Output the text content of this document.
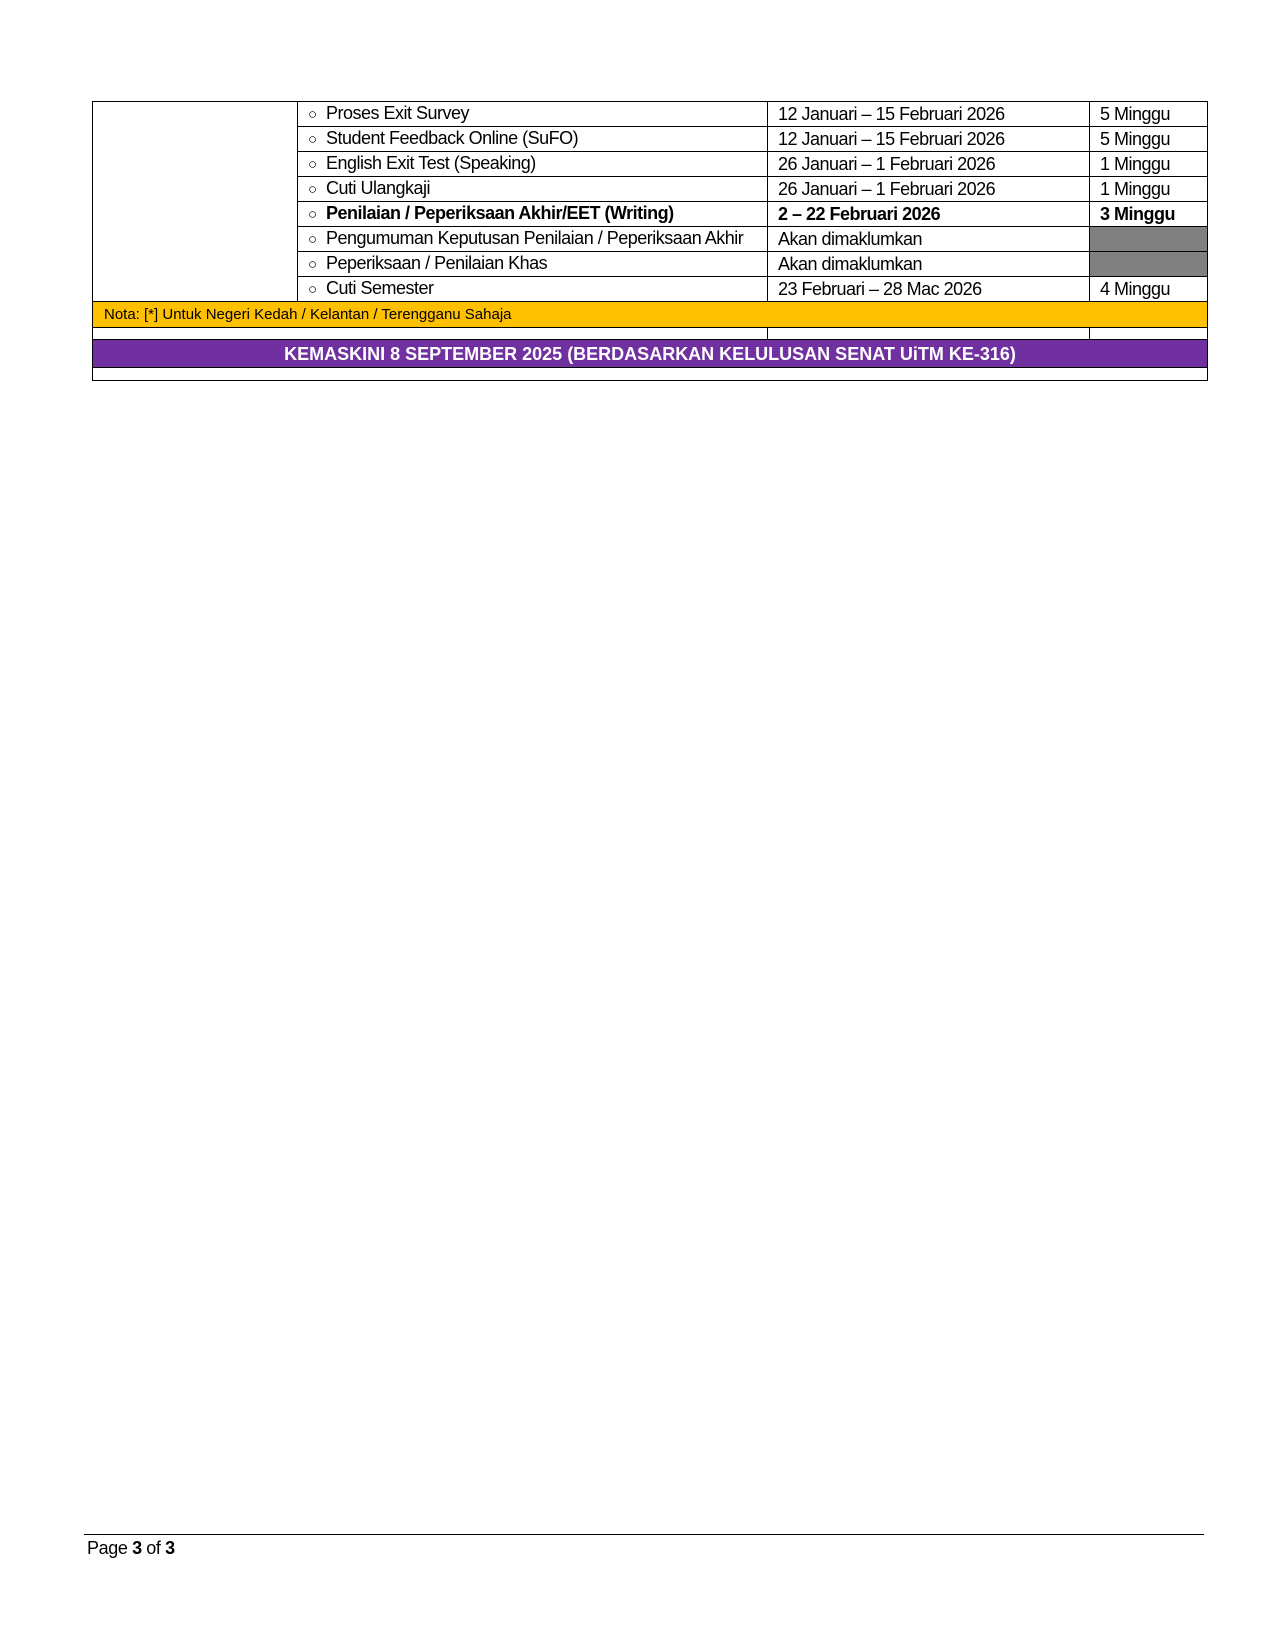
	○ Proses Exit Survey	12 Januari – 15 Februari 2026	5 Minggu
	○ Student Feedback Online (SuFO)	12 Januari – 15 Februari 2026	5 Minggu
	○ English Exit Test (Speaking)	26 Januari – 1 Februari 2026	1 Minggu
	○ Cuti Ulangkaji	26 Januari – 1 Februari 2026	1 Minggu
	○ Penilaian / Peperiksaan Akhir/EET (Writing)	2 – 22 Februari 2026	3 Minggu
	○ Pengumuman Keputusan Penilaian / Peperiksaan Akhir	Akan dimaklumkan	
	○ Peperiksaan / Penilaian Khas	Akan dimaklumkan	
	○ Cuti Semester	23 Februari – 28 Mac 2026	4 Minggu
Nota: [*] Untuk Negeri Kedah / Kelantan / Terengganu Sahaja			

KEMASKINI 8 SEPTEMBER 2025 (BERDASARKAN KELULUSAN SENAT UiTM KE-316)			

Page 3 of 3
